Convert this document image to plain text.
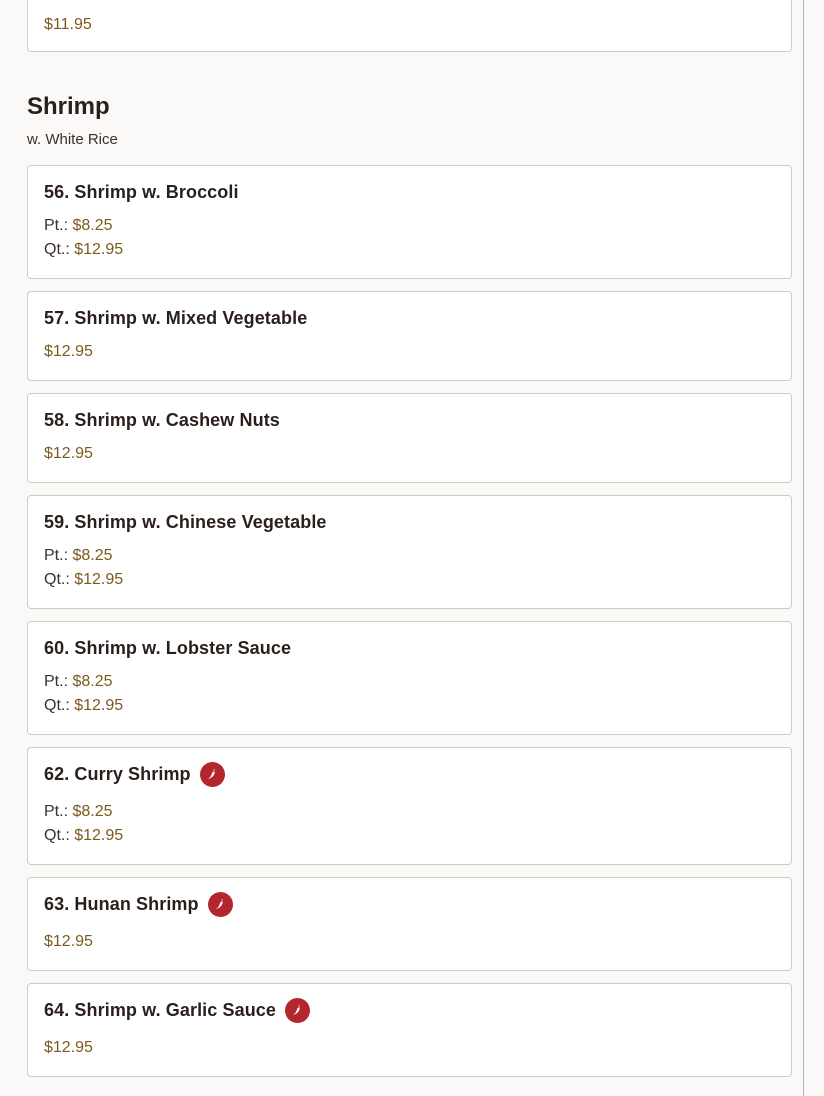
$11.95
Shrimp
w. White Rice
56. Shrimp w. Broccoli
Pt.: $8.25
Qt.: $12.95
57. Shrimp w. Mixed Vegetable
$12.95
58. Shrimp w. Cashew Nuts
$12.95
59. Shrimp w. Chinese Vegetable
Pt.: $8.25
Qt.: $12.95
60. Shrimp w. Lobster Sauce
Pt.: $8.25
Qt.: $12.95
62. Curry Shrimp
Pt.: $8.25
Qt.: $12.95
63. Hunan Shrimp
$12.95
64. Shrimp w. Garlic Sauce
$12.95
